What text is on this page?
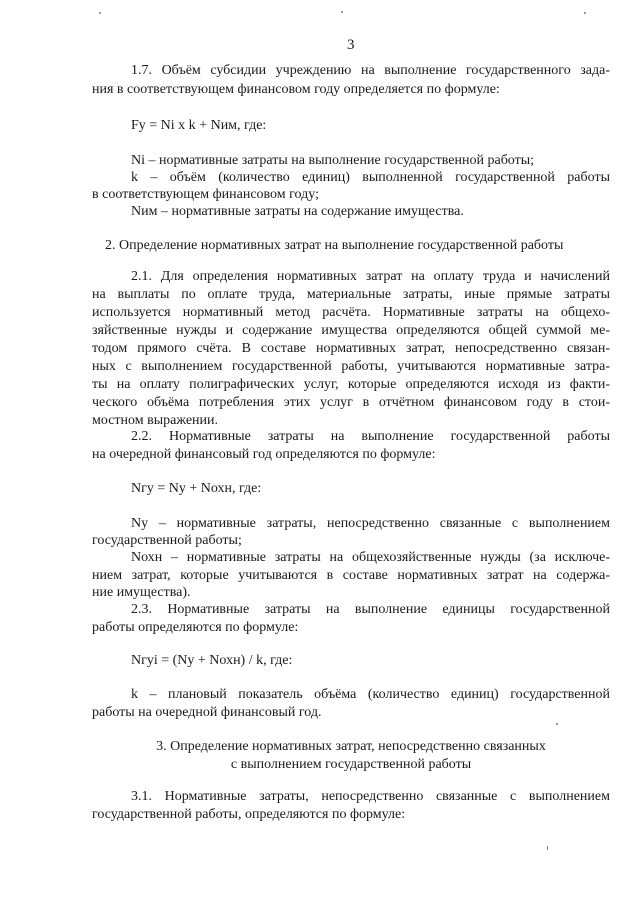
3

1.7. Объём субсидии учреждению на выполнение государственного зада-

ния в соответствующем финансовом году определяется по формуле:

Fy = Ni x k + Nим, где:

Ni – нормативные затраты на выполнение государственной работы;

k – объём (количество единиц) выполненной государственной работы

в соответствующем финансовом году;

Nим – нормативные затраты на содержание имущества.

2. Определение нормативных затрат на выполнение государственной работы

2.1. Для определения нормативных затрат на оплату труда и начислений

на выплаты по оплате труда, материальные затраты, иные прямые затраты

используется нормативный метод расчёта. Нормативные затраты на общехо-

зяйственные нужды и содержание имущества определяются общей суммой ме-

тодом прямого счёта. В составе нормативных затрат, непосредственно связан-

ных с выполнением государственной работы, учитываются нормативные затра-

ты на оплату полиграфических услуг, которые определяются исходя из факти-

ческого объёма потребления этих услуг в отчётном финансовом году в стои-

мостном выражении.

2.2. Нормативные затраты на выполнение государственной работы

на очередной финансовый год определяются по формуле:

Nгу = Nу + Nохн, где:

Nу – нормативные затраты, непосредственно связанные с выполнением

государственной работы;

Nохн – нормативные затраты на общехозяйственные нужды (за исключе-

нием затрат, которые учитываются в составе нормативных затрат на содержа-

ние имущества).

2.3. Нормативные затраты на выполнение единицы государственной

работы определяются по формуле:

Nгуi = (Nу + Nохн) / k, где:

k – плановый показатель объёма (количество единиц) государственной

работы на очередной финансовый год.

3. Определение нормативных затрат, непосредственно связанных

с выполнением государственной работы

3.1. Нормативные затраты, непосредственно связанные с выполнением

государственной работы, определяются по формуле:
